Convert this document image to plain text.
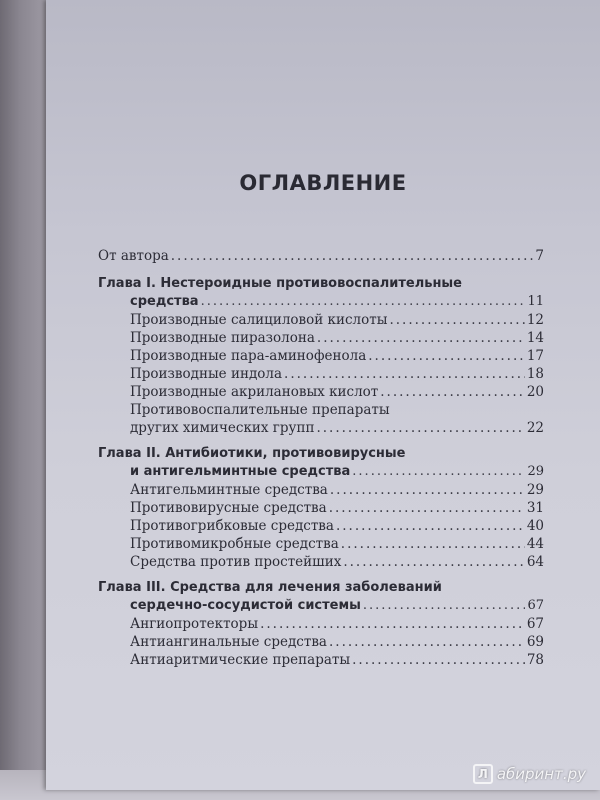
ОГЛАВЛЕНИЕ
От автора .....	7
Глава I. Нестероидные противовоспалительные
средства .....	11
Производные салициловой кислоты .....	12
Производные пиразолона .....	14
Производные пара-аминофенола .....	17
Производные индола .....	18
Производные акрилановых кислот .....	20
Противовоспалительные препараты
других химических групп .....	22
Глава II. Антибиотики, противовирусные
и антигельминтные средства .....	29
Антигельминтные средства .....	29
Противовирусные средства .....	31
Противогрибковые средства .....	40
Противомикробные средства .....	44
Средства против простейших .....	64
Глава III. Средства для лечения заболеваний
сердечно-сосудистой системы .....	67
Ангиопротекторы .....	67
Антиангинальные средства .....	69
Антиаритмические препараты .....	78
Л абиринт.ру
